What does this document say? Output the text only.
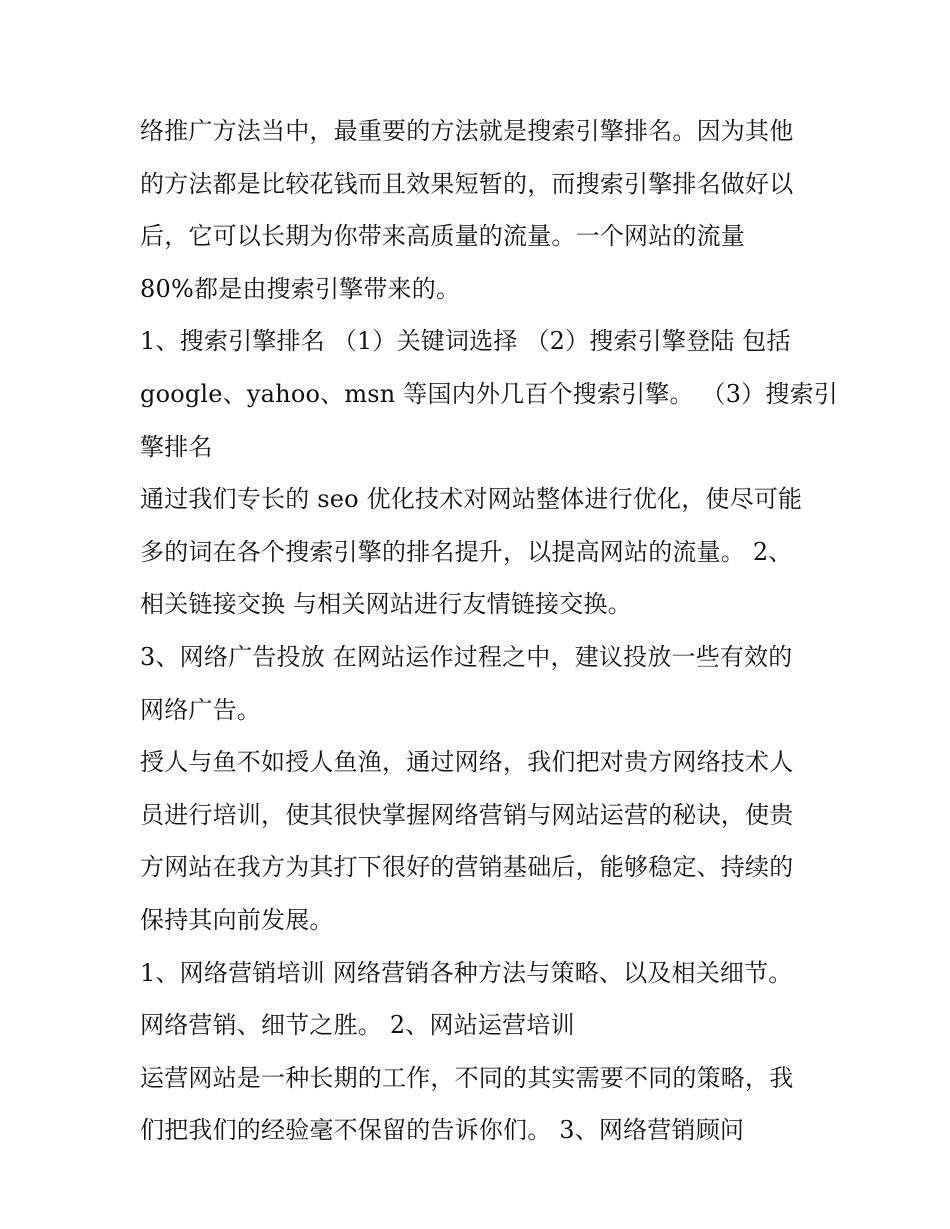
络推广方法当中，最重要的方法就是搜索引擎排名。因为其他
的方法都是比较花钱而且效果短暂的，而搜索引擎排名做好以
后，它可以长期为你带来高质量的流量。一个网站的流量
80%都是由搜索引擎带来的。
1、搜索引擎排名 （1）关键词选择 （2）搜索引擎登陆 包括
google、yahoo、msn 等国内外几百个搜索引擎。 （3）搜索引
擎排名
通过我们专长的 seo 优化技术对网站整体进行优化，使尽可能
多的词在各个搜索引擎的排名提升，以提高网站的流量。 2、
相关链接交换 与相关网站进行友情链接交换。
3、网络广告投放 在网站运作过程之中，建议投放一些有效的
网络广告。
授人与鱼不如授人鱼渔，通过网络，我们把对贵方网络技术人
员进行培训，使其很快掌握网络营销与网站运营的秘诀，使贵
方网站在我方为其打下很好的营销基础后，能够稳定、持续的
保持其向前发展。
1、网络营销培训 网络营销各种方法与策略、以及相关细节。
网络营销、细节之胜。 2、网站运营培训
运营网站是一种长期的工作，不同的其实需要不同的策略，我
们把我们的经验毫不保留的告诉你们。 3、网络营销顾问
